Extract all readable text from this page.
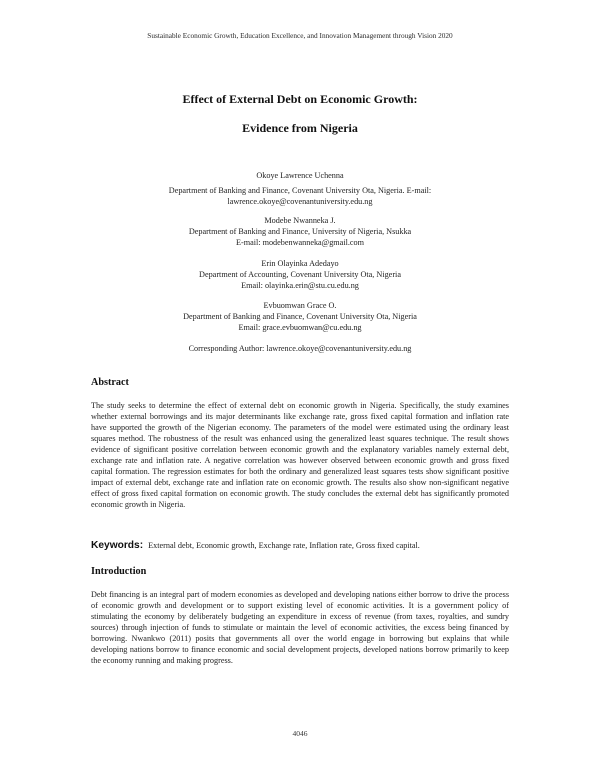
Sustainable Economic Growth, Education Excellence, and Innovation Management through Vision 2020
Effect of External Debt on Economic Growth:
Evidence from Nigeria
Okoye Lawrence Uchenna
Department of Banking and Finance, Covenant University Ota, Nigeria. E-mail:
lawrence.okoye@covenantuniversity.edu.ng
Modebe Nwanneka J.
Department of Banking and Finance, University of Nigeria, Nsukka
E-mail: modebenwanneka@gmail.com
Erin Olayinka Adedayo
Department of Accounting, Covenant University Ota, Nigeria
Email: olayinka.erin@stu.cu.edu.ng
Evbuomwan Grace O.
Department of Banking and Finance, Covenant University Ota, Nigeria
Email: grace.evbuomwan@cu.edu.ng
Corresponding Author: lawrence.okoye@covenantuniversity.edu.ng
Abstract
The study seeks to determine the effect of external debt on economic growth in Nigeria. Specifically, the study examines whether external borrowings and its major determinants like exchange rate, gross fixed capital formation and inflation rate have supported the growth of the Nigerian economy. The parameters of the model were estimated using the ordinary least squares method. The robustness of the result was enhanced using the generalized least squares technique. The result shows evidence of significant positive correlation between economic growth and the explanatory variables namely external debt, exchange rate and inflation rate. A negative correlation was however observed between economic growth and gross fixed capital formation. The regression estimates for both the ordinary and generalized least squares tests show significant positive impact of external debt, exchange rate and inflation rate on economic growth. The results also show non-significant negative effect of gross fixed capital formation on economic growth. The study concludes the external debt has significantly promoted economic growth in Nigeria.
Keywords: External debt, Economic growth, Exchange rate, Inflation rate, Gross fixed capital.
Introduction
Debt financing is an integral part of modern economies as developed and developing nations either borrow to drive the process of economic growth and development or to support existing level of economic activities. It is a government policy of stimulating the economy by deliberately budgeting an expenditure in excess of revenue (from taxes, royalties, and sundry sources) through injection of funds to stimulate or maintain the level of economic activities, the excess being financed by borrowing. Nwankwo (2011) posits that governments all over the world engage in borrowing but explains that while developing nations borrow to finance economic and social development projects, developed nations borrow primarily to keep the economy running and making progress.
4046
